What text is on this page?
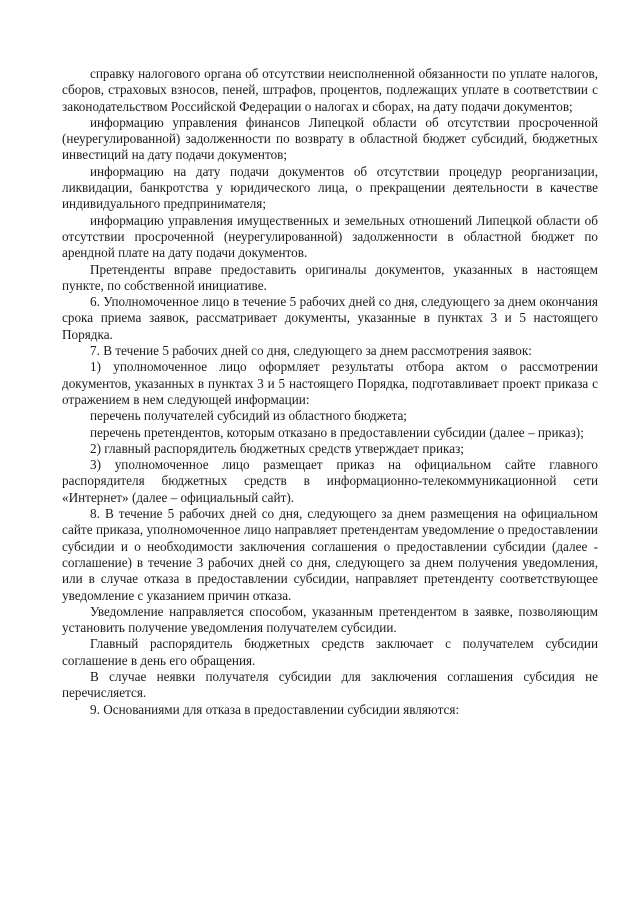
справку налогового органа об отсутствии неисполненной обязанности по уплате налогов, сборов, страховых взносов, пеней, штрафов, процентов, подлежащих уплате в соответствии с законодательством Российской Федерации о налогах и сборах, на дату подачи документов;

информацию управления финансов Липецкой области об отсутствии просроченной (неурегулированной) задолженности по возврату в областной бюджет субсидий, бюджетных инвестиций на дату подачи документов;

информацию на дату подачи документов об отсутствии процедур реорганизации, ликвидации, банкротства у юридического лица, о прекращении деятельности в качестве индивидуального предпринимателя;

информацию управления имущественных и земельных отношений Липецкой области об отсутствии просроченной (неурегулированной) задолженности в областной бюджет по арендной плате на дату подачи документов.

Претенденты вправе предоставить оригиналы документов, указанных в настоящем пункте, по собственной инициативе.

6. Уполномоченное лицо в течение 5 рабочих дней со дня, следующего за днем окончания срока приема заявок, рассматривает документы, указанные в пунктах 3 и 5 настоящего Порядка.

7. В течение 5 рабочих дней со дня, следующего за днем рассмотрения заявок:

1) уполномоченное лицо оформляет результаты отбора актом о рассмотрении документов, указанных в пунктах 3 и 5 настоящего Порядка, подготавливает проект приказа с отражением в нем следующей информации:

перечень получателей субсидий из областного бюджета;

перечень претендентов, которым отказано в предоставлении субсидии (далее – приказ);

2) главный распорядитель бюджетных средств утверждает приказ;

3) уполномоченное лицо размещает приказ на официальном сайте главного распорядителя бюджетных средств в информационно-телекоммуникационной сети «Интернет» (далее – официальный сайт).

8. В течение 5 рабочих дней со дня, следующего за днем размещения на официальном сайте приказа, уполномоченное лицо направляет претендентам уведомление о предоставлении субсидии и о необходимости заключения соглашения о предоставлении субсидии (далее - соглашение) в течение 3 рабочих дней со дня, следующего за днем получения уведомления, или в случае отказа в предоставлении субсидии, направляет претенденту соответствующее уведомление с указанием причин отказа.

Уведомление направляется способом, указанным претендентом в заявке, позволяющим установить получение уведомления получателем субсидии.

Главный распорядитель бюджетных средств заключает с получателем субсидии соглашение в день его обращения.

В случае неявки получателя субсидии для заключения соглашения субсидия не перечисляется.

9. Основаниями для отказа в предоставлении субсидии являются:
